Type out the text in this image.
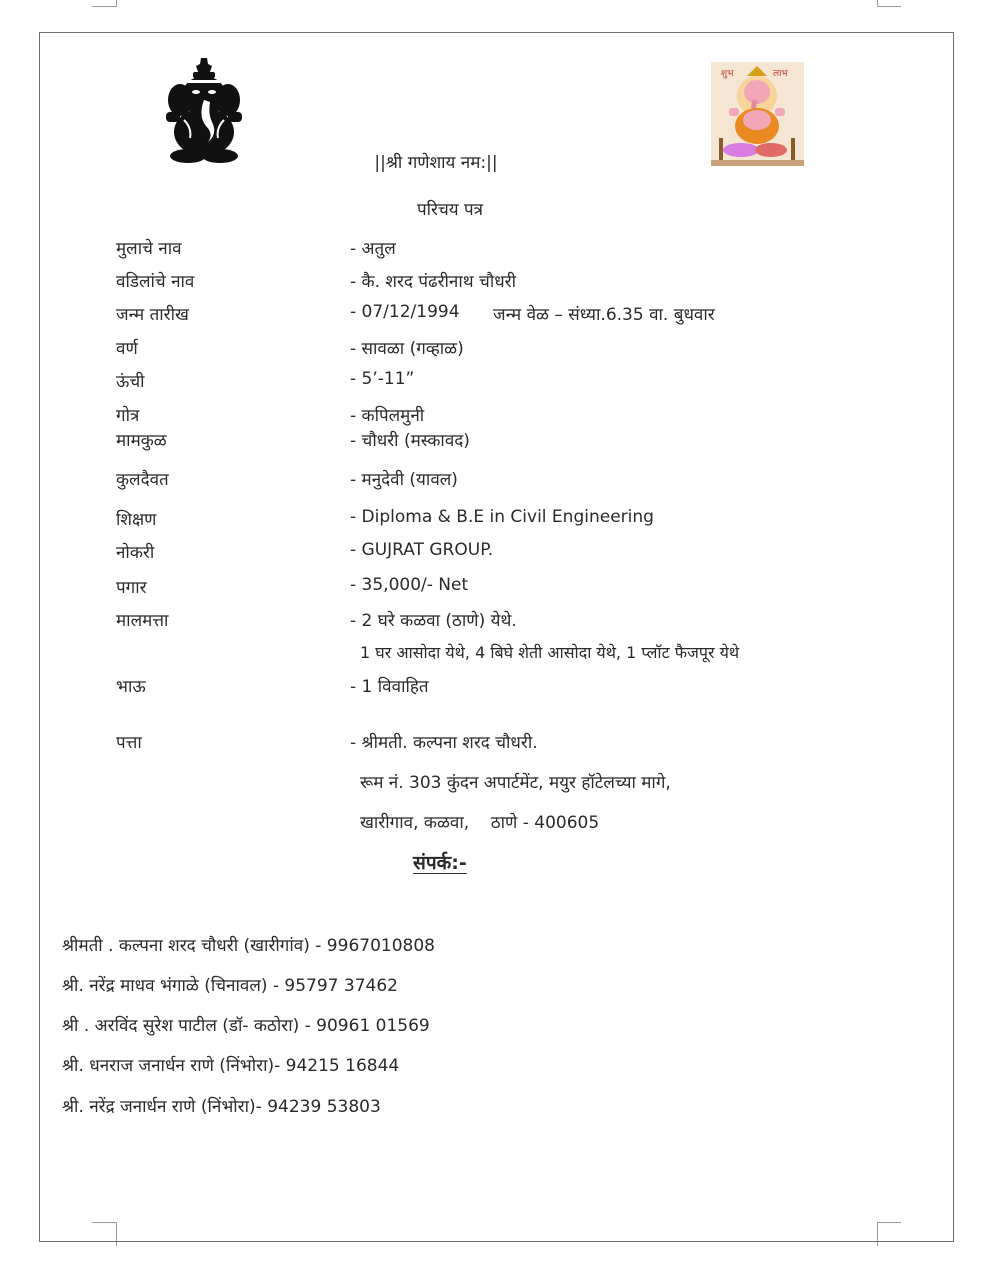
शुभ	लाभ
||श्री गणेशाय नम:||
परिचय पत्र
मुलाचे नाव	- अतुल
वडिलांचे नाव	- कै. शरद पंढरीनाथ चौधरी
जन्म तारीख	- 07/12/1994 जन्म वेळ – संध्या.6.35 वा. बुधवार
वर्ण	- सावळा (गव्हाळ)
ऊंची	- 5’-11”
गोत्र	- कपिलमुनी
मामकुळ	- चौधरी (मस्कावद)
कुलदैवत	- मनुदेवी (यावल)
शिक्षण	- Diploma & B.E in Civil Engineering
नोकरी	- GUJRAT GROUP.
पगार	- 35,000/- Net
मालमत्ता	- 2 घरे कळवा (ठाणे) येथे.
1 घर आसोदा येथे, 4 बिघे शेती आसोदा येथे, 1 प्लॉट फैजपूर येथे
भाऊ	- 1 विवाहित
पत्ता	- श्रीमती. कल्पना शरद चौधरी.
रूम नं. 303 कुंदन अपार्टमेंट, मयुर हॉटेलच्या मागे,
खारीगाव, कळवा,    ठाणे - 400605
संपर्क:-
श्रीमती . कल्पना शरद चौधरी (खारीगांव) - 9967010808
श्री. नरेंद्र माधव भंगाळे (चिनावल) - 95797 37462
श्री . अरविंद सुरेश पाटील (डॉ- कठोरा) - 90961 01569
श्री. धनराज जनार्धन राणे (निंभोरा)- 94215 16844
श्री. नरेंद्र जनार्धन राणे (निंभोरा)- 94239 53803
